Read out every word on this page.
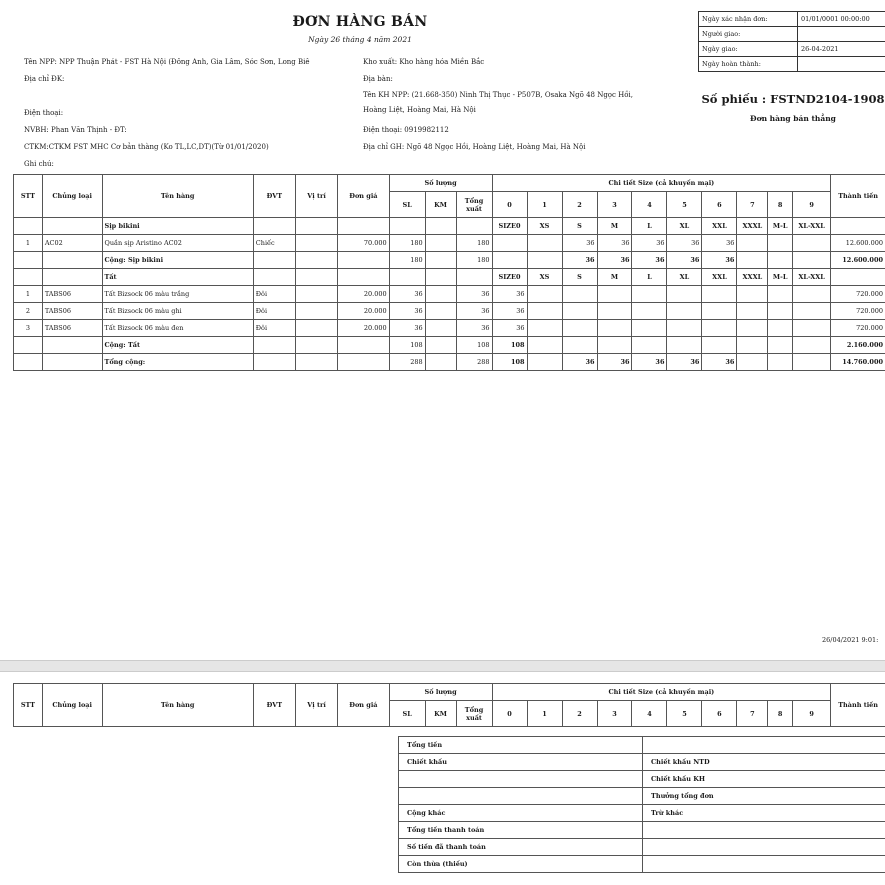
ĐƠN HÀNG BÁN
Ngày 26 tháng 4 năm 2021
Ngày xác nhận đơn:	01/01/0001 00:00:00
Người giao:	
Ngày giao:	26-04-2021
Ngày hoàn thành:	
Số phiếu : FSTND2104-1908
Đơn hàng bán thẳng
Tên NPP: NPP Thuận Phát - FST Hà Nội (Đông Anh, Gia Lâm, Sóc Sơn, Long Biê
Địa chỉ ĐK:
Điện thoại:
NVBH: Phan Văn Thịnh - ĐT:
CTKM:CTKM FST MHC Cơ bản thàng (Ko TL,LC,DT)(Từ 01/01/2020)
Ghi chú:
Kho xuất: Kho hàng hóa Miền Bắc
Địa bàn:
Tên KH NPP: (21.668-350) Ninh Thị Thục - P507B, Osaka Ngõ 48 Ngọc Hồi,
Hoàng Liệt, Hoàng Mai, Hà Nội
Điện thoại: 0919982112
Địa chỉ GH: Ngõ 48 Ngọc Hồi, Hoàng Liệt, Hoàng Mai, Hà Nội
STT	Chủng loại	Tên hàng	ĐVT	Vị trí	Đơn giá	Số lượng			Chi tiết Size (cả khuyến mại)										Thành tiền
						SL	KM	Tổng xuất	0	1	2	3	4	5	6	7	8	9	
		Sịp bikini							SIZE0	XS	S	M	L	XL	XXL	XXXL	M-L	XL-XXL	
1	AC02	Quần sịp Aristino AC02	Chiếc		70.000	180		180			36	36	36	36	36				12.600.000
		Cộng: Sịp bikini				180		180			36	36	36	36	36				12.600.000
		Tất							SIZE0	XS	S	M	L	XL	XXL	XXXL	M-L	XL-XXL	
1	TABS06	Tất Bizsock 06 màu trắng	Đôi		20.000	36		36	36										720.000
2	TABS06	Tất Bizsock 06 màu ghi	Đôi		20.000	36		36	36										720.000
3	TABS06	Tất Bizsock 06 màu đen	Đôi		20.000	36		36	36										720.000
		Cộng: Tất				108		108	108										2.160.000
		Tổng cộng:				288		288	108		36	36	36	36	36				14.760.000
26/04/2021 9:01:
STT	Chủng loại	Tên hàng	ĐVT	Vị trí	Đơn giá	Số lượng			Chi tiết Size (cả khuyến mại)										Thành tiền
						SL	KM	Tổng xuất	0	1	2	3	4	5	6	7	8	9	
Tổng tiền	
Chiết khấu	Chiết khấu NTD
	Chiết khấu KH
	Thưởng tổng đơn
Cộng khác	Trừ khác
Tổng tiền thanh toán	
Số tiền đã thanh toán	
Còn thừa (thiếu)	
